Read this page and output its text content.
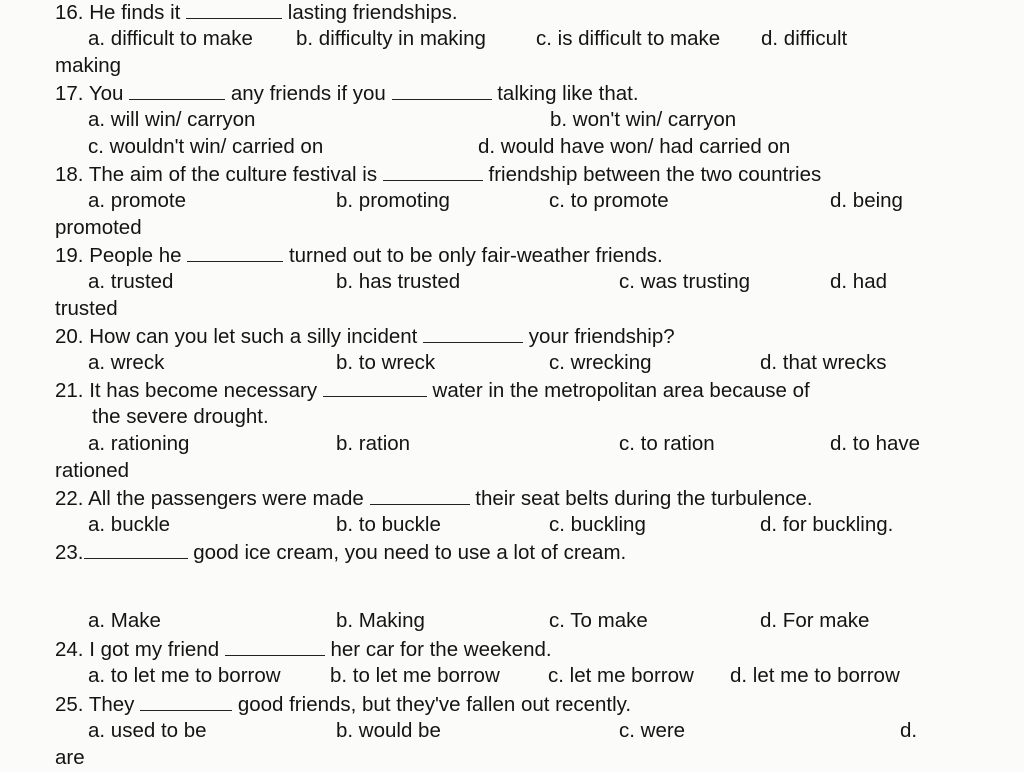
16. He finds it	lasting friendships.
a. difficult to make b. difficulty in making c. is difficult to make d. difficult
making
17. You	any friends if you	talking like that.
a. will win/ carryon	b. won't win/ carryon
c. wouldn't win/ carried on	d. would have won/ had carried on
18. The aim of the culture festival is	friendship between the two countries
a. promote	b. promoting	c. to promote	d. being
promoted
19. People he	turned out to be only fair-weather friends.
a. trusted	b. has trusted	c. was trusting	d. had
trusted
20. How can you let such a silly incident	your friendship?
a. wreck	b. to wreck	c. wrecking	d. that wrecks
21. It has become necessary	water in the metropolitan area because of
the severe drought.
a. rationing	b. ration	c. to ration	d. to have
rationed
22. All the passengers were made	their seat belts during the turbulence.
a. buckle	b. to buckle	c. buckling	d. for buckling.
23.	good ice cream, you need to use a lot of cream.
a. Make	b. Making	c. To make	d. For make
24. I got my friend	her car for the weekend.
a. to let me to borrow b. to let me borrow c. let me borrow d. let me to borrow
25. They	good friends, but they've fallen out recently.
a. used to be	b. would be	c. were	d.
are
